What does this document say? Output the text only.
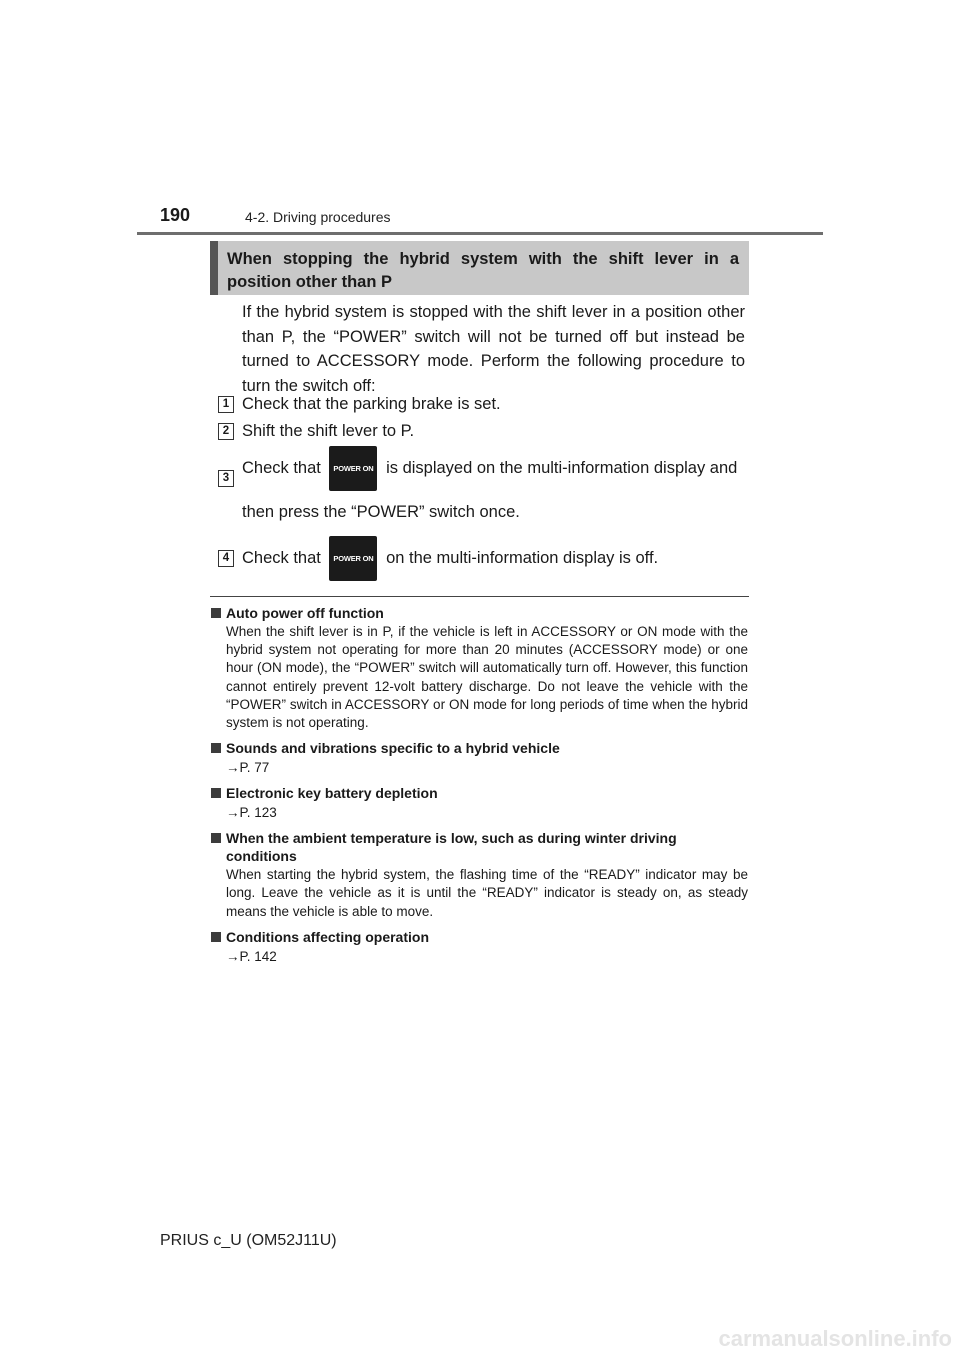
190	4-2. Driving procedures
When stopping the hybrid system with the shift lever in a position other than P
If the hybrid system is stopped with the shift lever in a position other than P, the “POWER” switch will not be turned off but instead be turned to ACCESSORY mode. Perform the following procedure to turn the switch off:
1 Check that the parking brake is set.
2 Shift the shift lever to P.
3
Check that POWER ON is displayed on the multi-information display and
then press the “POWER” switch once.
4 Check that POWER ON on the multi-information display is off.
Auto power off function
When the shift lever is in P, if the vehicle is left in ACCESSORY or ON mode with the hybrid system not operating for more than 20 minutes (ACCESSORY mode) or one hour (ON mode), the “POWER” switch will automatically turn off. However, this function cannot entirely prevent 12-volt battery discharge. Do not leave the vehicle with the “POWER” switch in ACCESSORY or ON mode for long periods of time when the hybrid system is not operating.
Sounds and vibrations specific to a hybrid vehicle
→P. 77
Electronic key battery depletion
→P. 123
When the ambient temperature is low, such as during winter driving conditions
When starting the hybrid system, the flashing time of the “READY” indicator may be long. Leave the vehicle as it is until the “READY” indicator is steady on, as steady means the vehicle is able to move.
Conditions affecting operation
→P. 142
PRIUS c_U (OM52J11U)
carmanualsonline.info
